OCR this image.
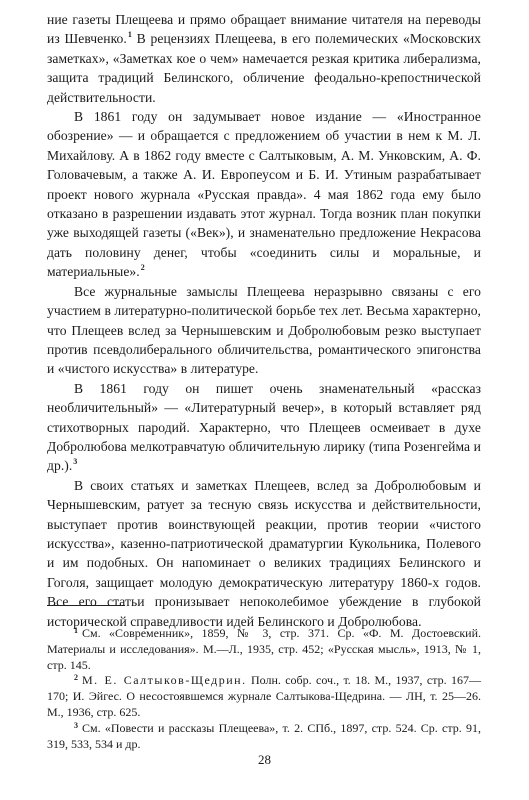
ние газеты Плещеева и прямо обращает внимание читателя на переводы из Шевченко.$^1$ В рецензиях Плещеева, в его полемических «Московских заметках», «Заметках кое о чем» намечается резкая критика либерализма, защита традиций Белинского, обличение феодально-крепостнической действительности.

В 1861 году он задумывает новое издание — «Иностранное обозрение» — и обращается с предложением об участии в нем к М. Л. Михайлову. А в 1862 году вместе с Салтыковым, А. М. Унковским, А. Ф. Головачевым, а также А. И. Европеусом и Б. И. Утиным разрабатывает проект нового журнала «Русская правда». 4 мая 1862 года ему было отказано в разрешении издавать этот журнал. Тогда возник план покупки уже выходящей газеты («Век»), и знаменательно предложение Некрасова дать половину денег, чтобы «соединить силы и моральные, и материальные».$^2$

Все журнальные замыслы Плещеева неразрывно связаны с его участием в литературно-политической борьбе тех лет. Весьма характерно, что Плещеев вслед за Чернышевским и Добролюбовым резко выступает против псевдолиберального обличительства, романтического эпигонства и «чистого искусства» в литературе.

В 1861 году он пишет очень знаменательный «рассказ необличительный» — «Литературный вечер», в который вставляет ряд стихотворных пародий. Характерно, что Плещеев осмеивает в духе Добролюбова мелкотравчатую обличительную лирику (типа Розенгейма и др.).$^3$

В своих статьях и заметках Плещеев, вслед за Добролюбовым и Чернышевским, ратует за тесную связь искусства и действительности, выступает против воинствующей реакции, против теории «чистого искусства», казенно-патриотической драматургии Кукольника, Полевого и им подобных. Он напоминает о великих традициях Белинского и Гоголя, защищает молодую демократическую литературу 1860-х годов. Все его статьи пронизывает непоколебимое убеждение в глубокой исторической справедливости идей Белинского и Добролюбова.

$^1$ См. «Современник», 1859, № 3, стр. 371. Ср. «Ф. М. Достоевский. Материалы и исследования». М.—Л., 1935, стр. 452; «Русская мысль», 1913, № 1, стр. 145.

$^2$ М. Е. Салтыков-Щедрин. Полн. собр. соч., т. 18. М., 1937, стр. 167—170; И. Эйгес. О несостоявшемся журнале Салтыкова-Щедрина. — ЛН, т. 25—26. М., 1936, стр. 625.

$^3$ См. «Повести и рассказы Плещеева», т. 2. СПб., 1897, стр. 524. Ср. стр. 91, 319, 533, 534 и др.

28
